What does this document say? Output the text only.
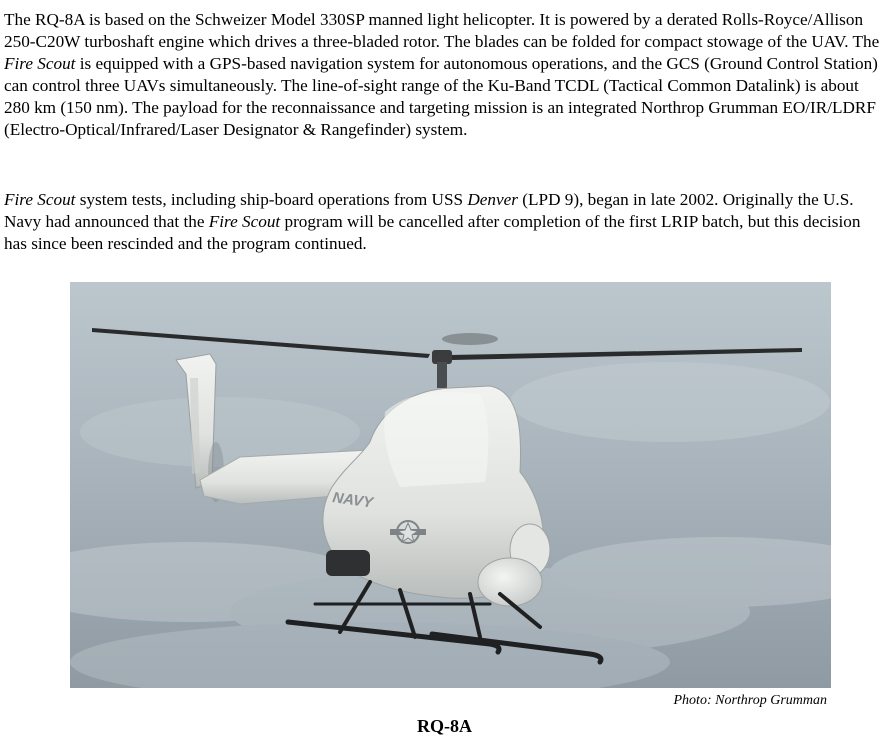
The RQ-8A is based on the Schweizer Model 330SP manned light helicopter. It is powered by a derated Rolls-Royce/Allison 250-C20W turboshaft engine which drives a three-bladed rotor. The blades can be folded for compact stowage of the UAV. The Fire Scout is equipped with a GPS-based navigation system for autonomous operations, and the GCS (Ground Control Station) can control three UAVs simultaneously. The line-of-sight range of the Ku-Band TCDL (Tactical Common Datalink) is about 280 km (150 nm). The payload for the reconnaissance and targeting mission is an integrated Northrop Grumman EO/IR/LDRF (Electro-Optical/Infrared/Laser Designator & Rangefinder) system.

Fire Scout system tests, including ship-board operations from USS Denver (LPD 9), began in late 2002. Originally the U.S. Navy had announced that the Fire Scout program will be cancelled after completion of the first LRIP batch, but this decision has since been rescinded and the program continued.

NAVY
Photo: Northrop Grumman
RQ-8A
